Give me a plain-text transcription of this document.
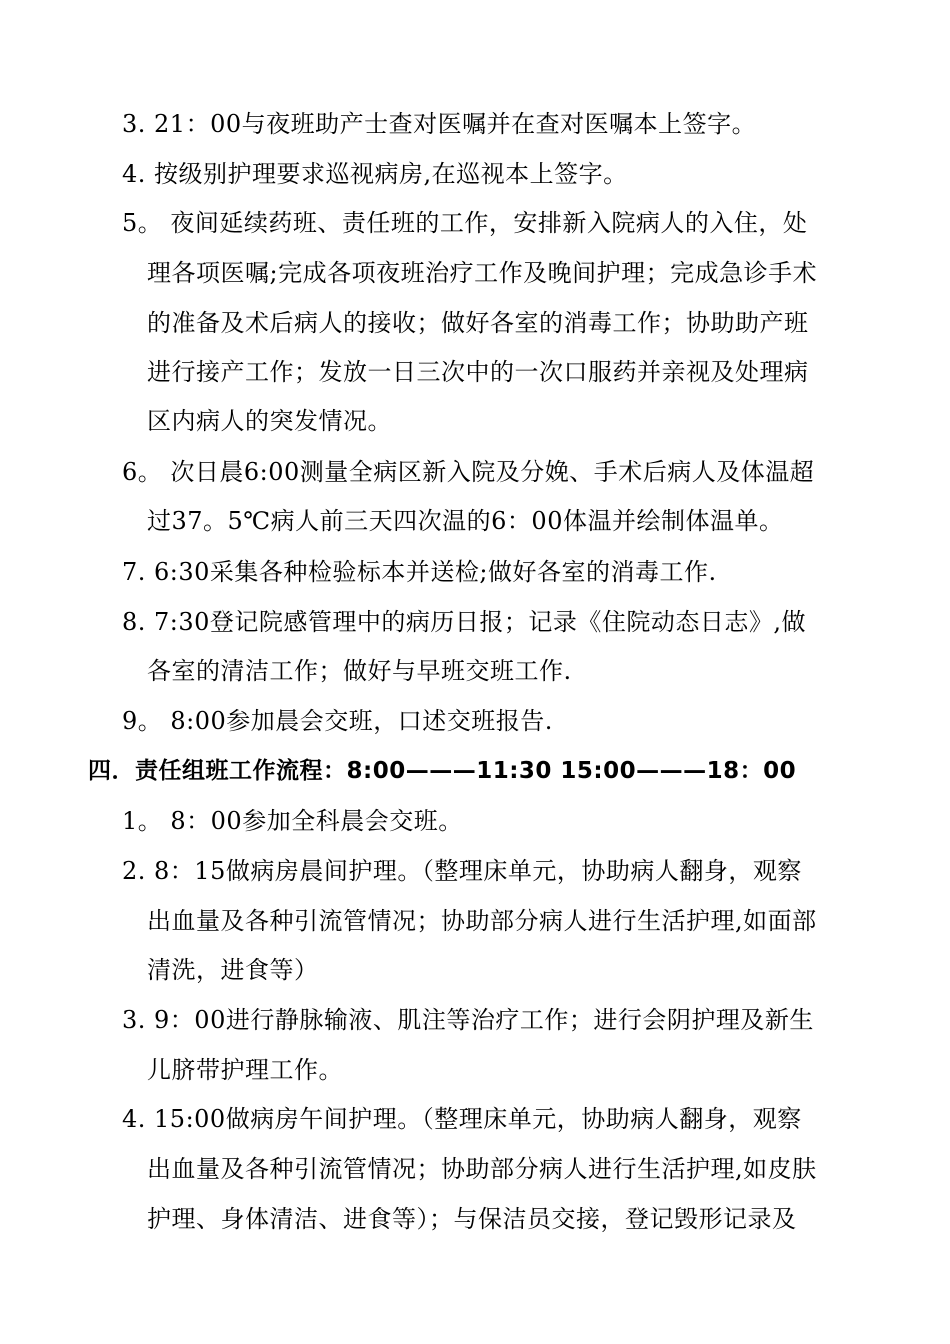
3. 21：00与夜班助产士查对医嘱并在查对医嘱本上签字。
4. 按级别护理要求巡视病房,在巡视本上签字。
5。 夜间延续药班、责任班的工作，安排新入院病人的入住，处
理各项医嘱;完成各项夜班治疗工作及晚间护理；完成急诊手术
的准备及术后病人的接收；做好各室的消毒工作；协助助产班
进行接产工作；发放一日三次中的一次口服药并亲视及处理病
区内病人的突发情况。
6。 次日晨6:00测量全病区新入院及分娩、手术后病人及体温超
过37。5℃病人前三天四次温的6：00体温并绘制体温单。
7. 6:30采集各种检验标本并送检;做好各室的消毒工作.
8. 7:30登记院感管理中的病历日报；记录《住院动态日志》,做
各室的清洁工作；做好与早班交班工作.
9。 8:00参加晨会交班，口述交班报告.
四．责任组班工作流程：8:00———11:30 15:00———18：00
1。 8：00参加全科晨会交班。
2. 8：15做病房晨间护理。（整理床单元，协助病人翻身，观察
出血量及各种引流管情况；协助部分病人进行生活护理,如面部
清洗，进食等）
3. 9：00进行静脉输液、肌注等治疗工作；进行会阴护理及新生
儿脐带护理工作。
4. 15:00做病房午间护理。（整理床单元，协助病人翻身，观察
出血量及各种引流管情况；协助部分病人进行生活护理,如皮肤
护理、身体清洁、进食等）；与保洁员交接，登记毁形记录及
